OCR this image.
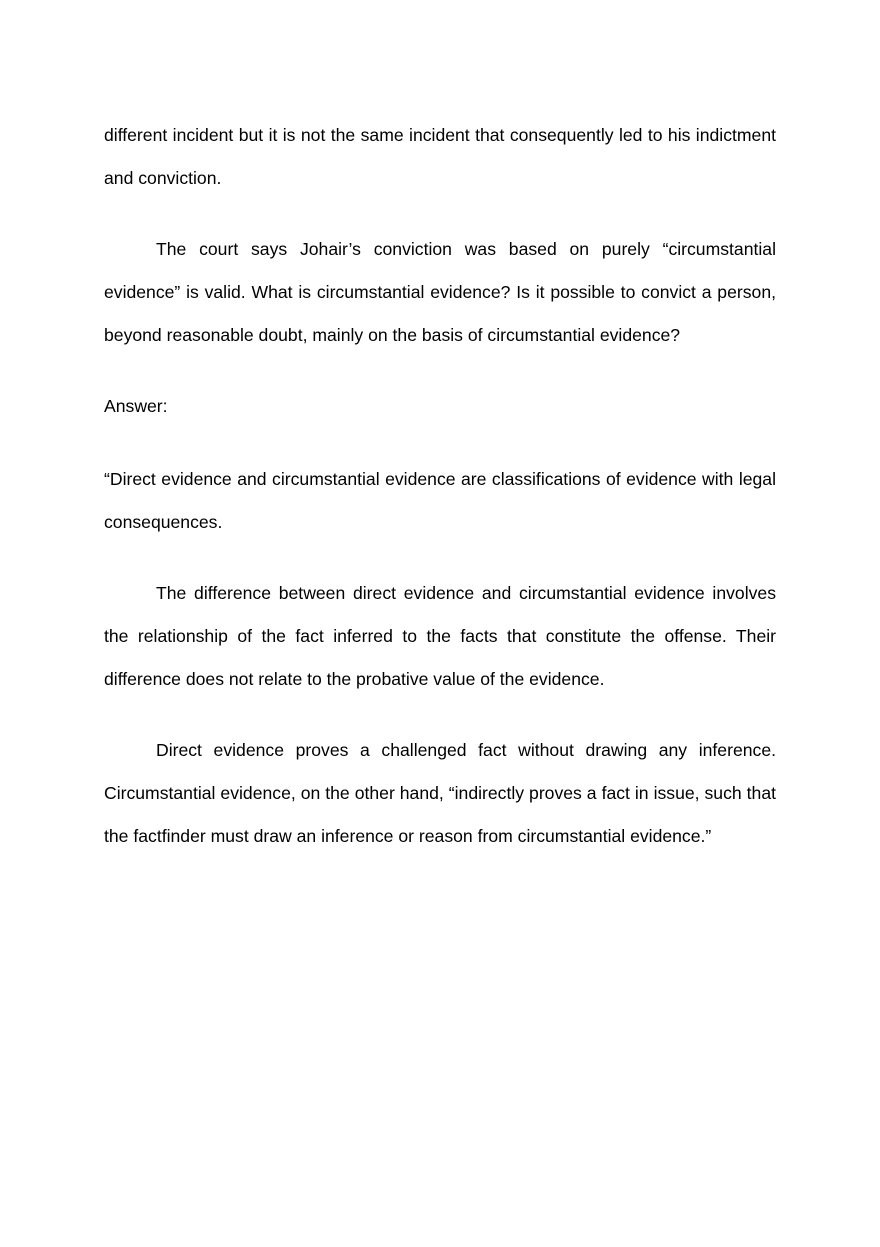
different incident but it is not the same incident that consequently led to his indictment and conviction.

The court says Johair’s conviction was based on purely “circumstantial evidence” is valid. What is circumstantial evidence? Is it possible to convict a person, beyond reasonable doubt, mainly on the basis of circumstantial evidence?

Answer:

“Direct evidence and circumstantial evidence are classifications of evidence with legal consequences.

The difference between direct evidence and circumstantial evidence involves the relationship of the fact inferred to the facts that constitute the offense. Their difference does not relate to the probative value of the evidence.

Direct evidence proves a challenged fact without drawing any inference. Circumstantial evidence, on the other hand, “indirectly proves a fact in issue, such that the factfinder must draw an inference or reason from circumstantial evidence.”
